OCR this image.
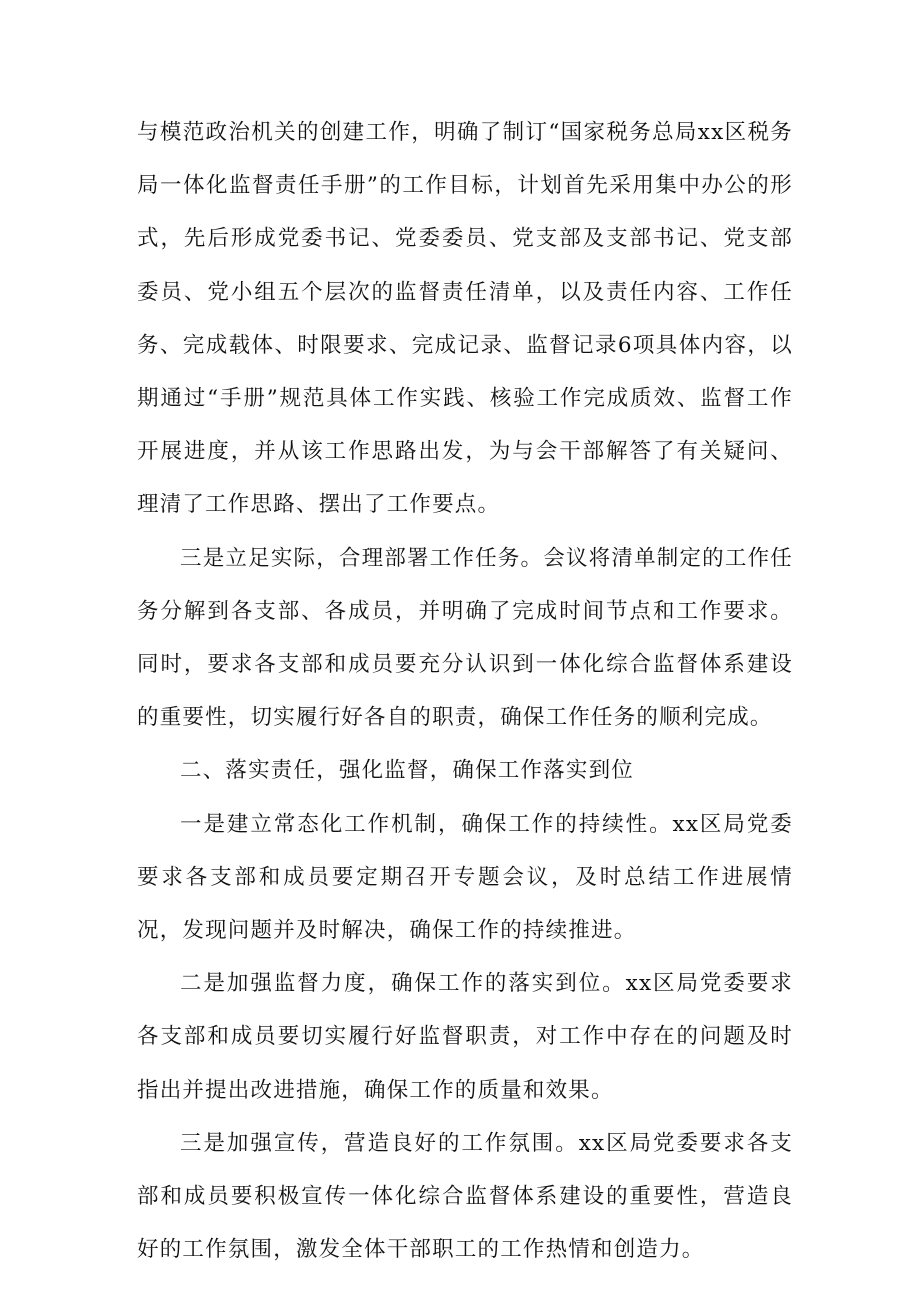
与模范政治机关的创建工作，明确了制订“国家税务总局xx区税务局一体化监督责任手册”的工作目标，计划首先采用集中办公的形式，先后形成党委书记、党委委员、党支部及支部书记、党支部委员、党小组五个层次的监督责任清单，以及责任内容、工作任务、完成载体、时限要求、完成记录、监督记录6项具体内容，以期通过“手册”规范具体工作实践、核验工作完成质效、监督工作开展进度，并从该工作思路出发，为与会干部解答了有关疑问、理清了工作思路、摆出了工作要点。

三是立足实际，合理部署工作任务。会议将清单制定的工作任务分解到各支部、各成员，并明确了完成时间节点和工作要求。同时，要求各支部和成员要充分认识到一体化综合监督体系建设的重要性，切实履行好各自的职责，确保工作任务的顺利完成。

二、落实责任，强化监督，确保工作落实到位

一是建立常态化工作机制，确保工作的持续性。xx区局党委要求各支部和成员要定期召开专题会议，及时总结工作进展情况，发现问题并及时解决，确保工作的持续推进。

二是加强监督力度，确保工作的落实到位。xx区局党委要求各支部和成员要切实履行好监督职责，对工作中存在的问题及时指出并提出改进措施，确保工作的质量和效果。

三是加强宣传，营造良好的工作氛围。xx区局党委要求各支部和成员要积极宣传一体化综合监督体系建设的重要性，营造良好的工作氛围，激发全体干部职工的工作热情和创造力。
